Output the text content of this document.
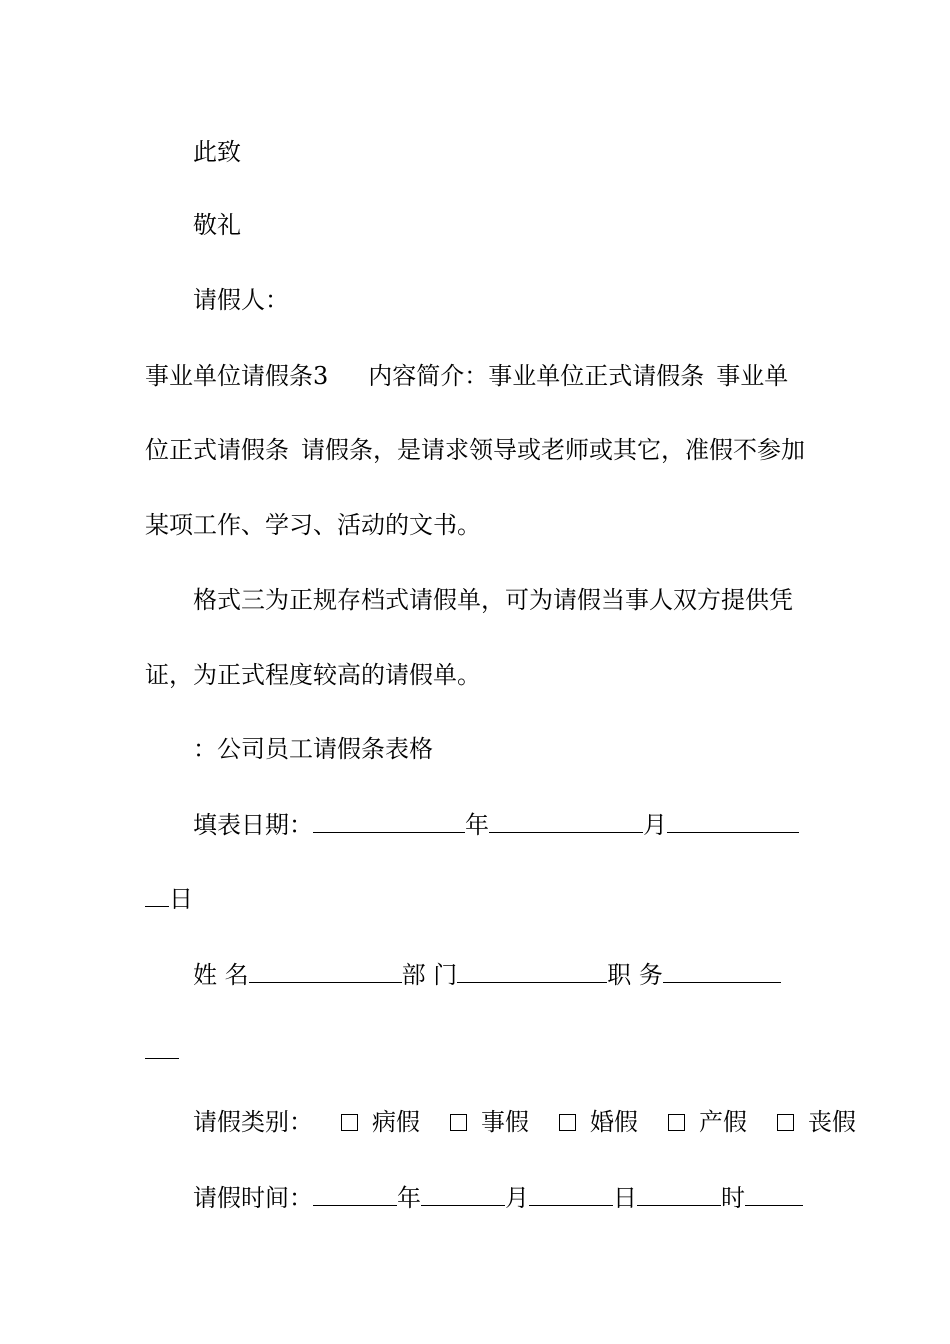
此致
敬礼
请假人：
事业单位请假条3 内容简介：事业单位正式请假条 事业单
位正式请假条 请假条，是请求领导或老师或其它，准假不参加
某项工作、学习、活动的文书。
格式三为正规存档式请假单，可为请假当事人双方提供凭
证，为正式程度较高的请假单。
：公司员工请假条表格
填表日期：	年	月
日
姓 名	部 门	职 务
请假类别： 病假	事假	婚假	产假	丧假
请假时间：	年	月	日	时
